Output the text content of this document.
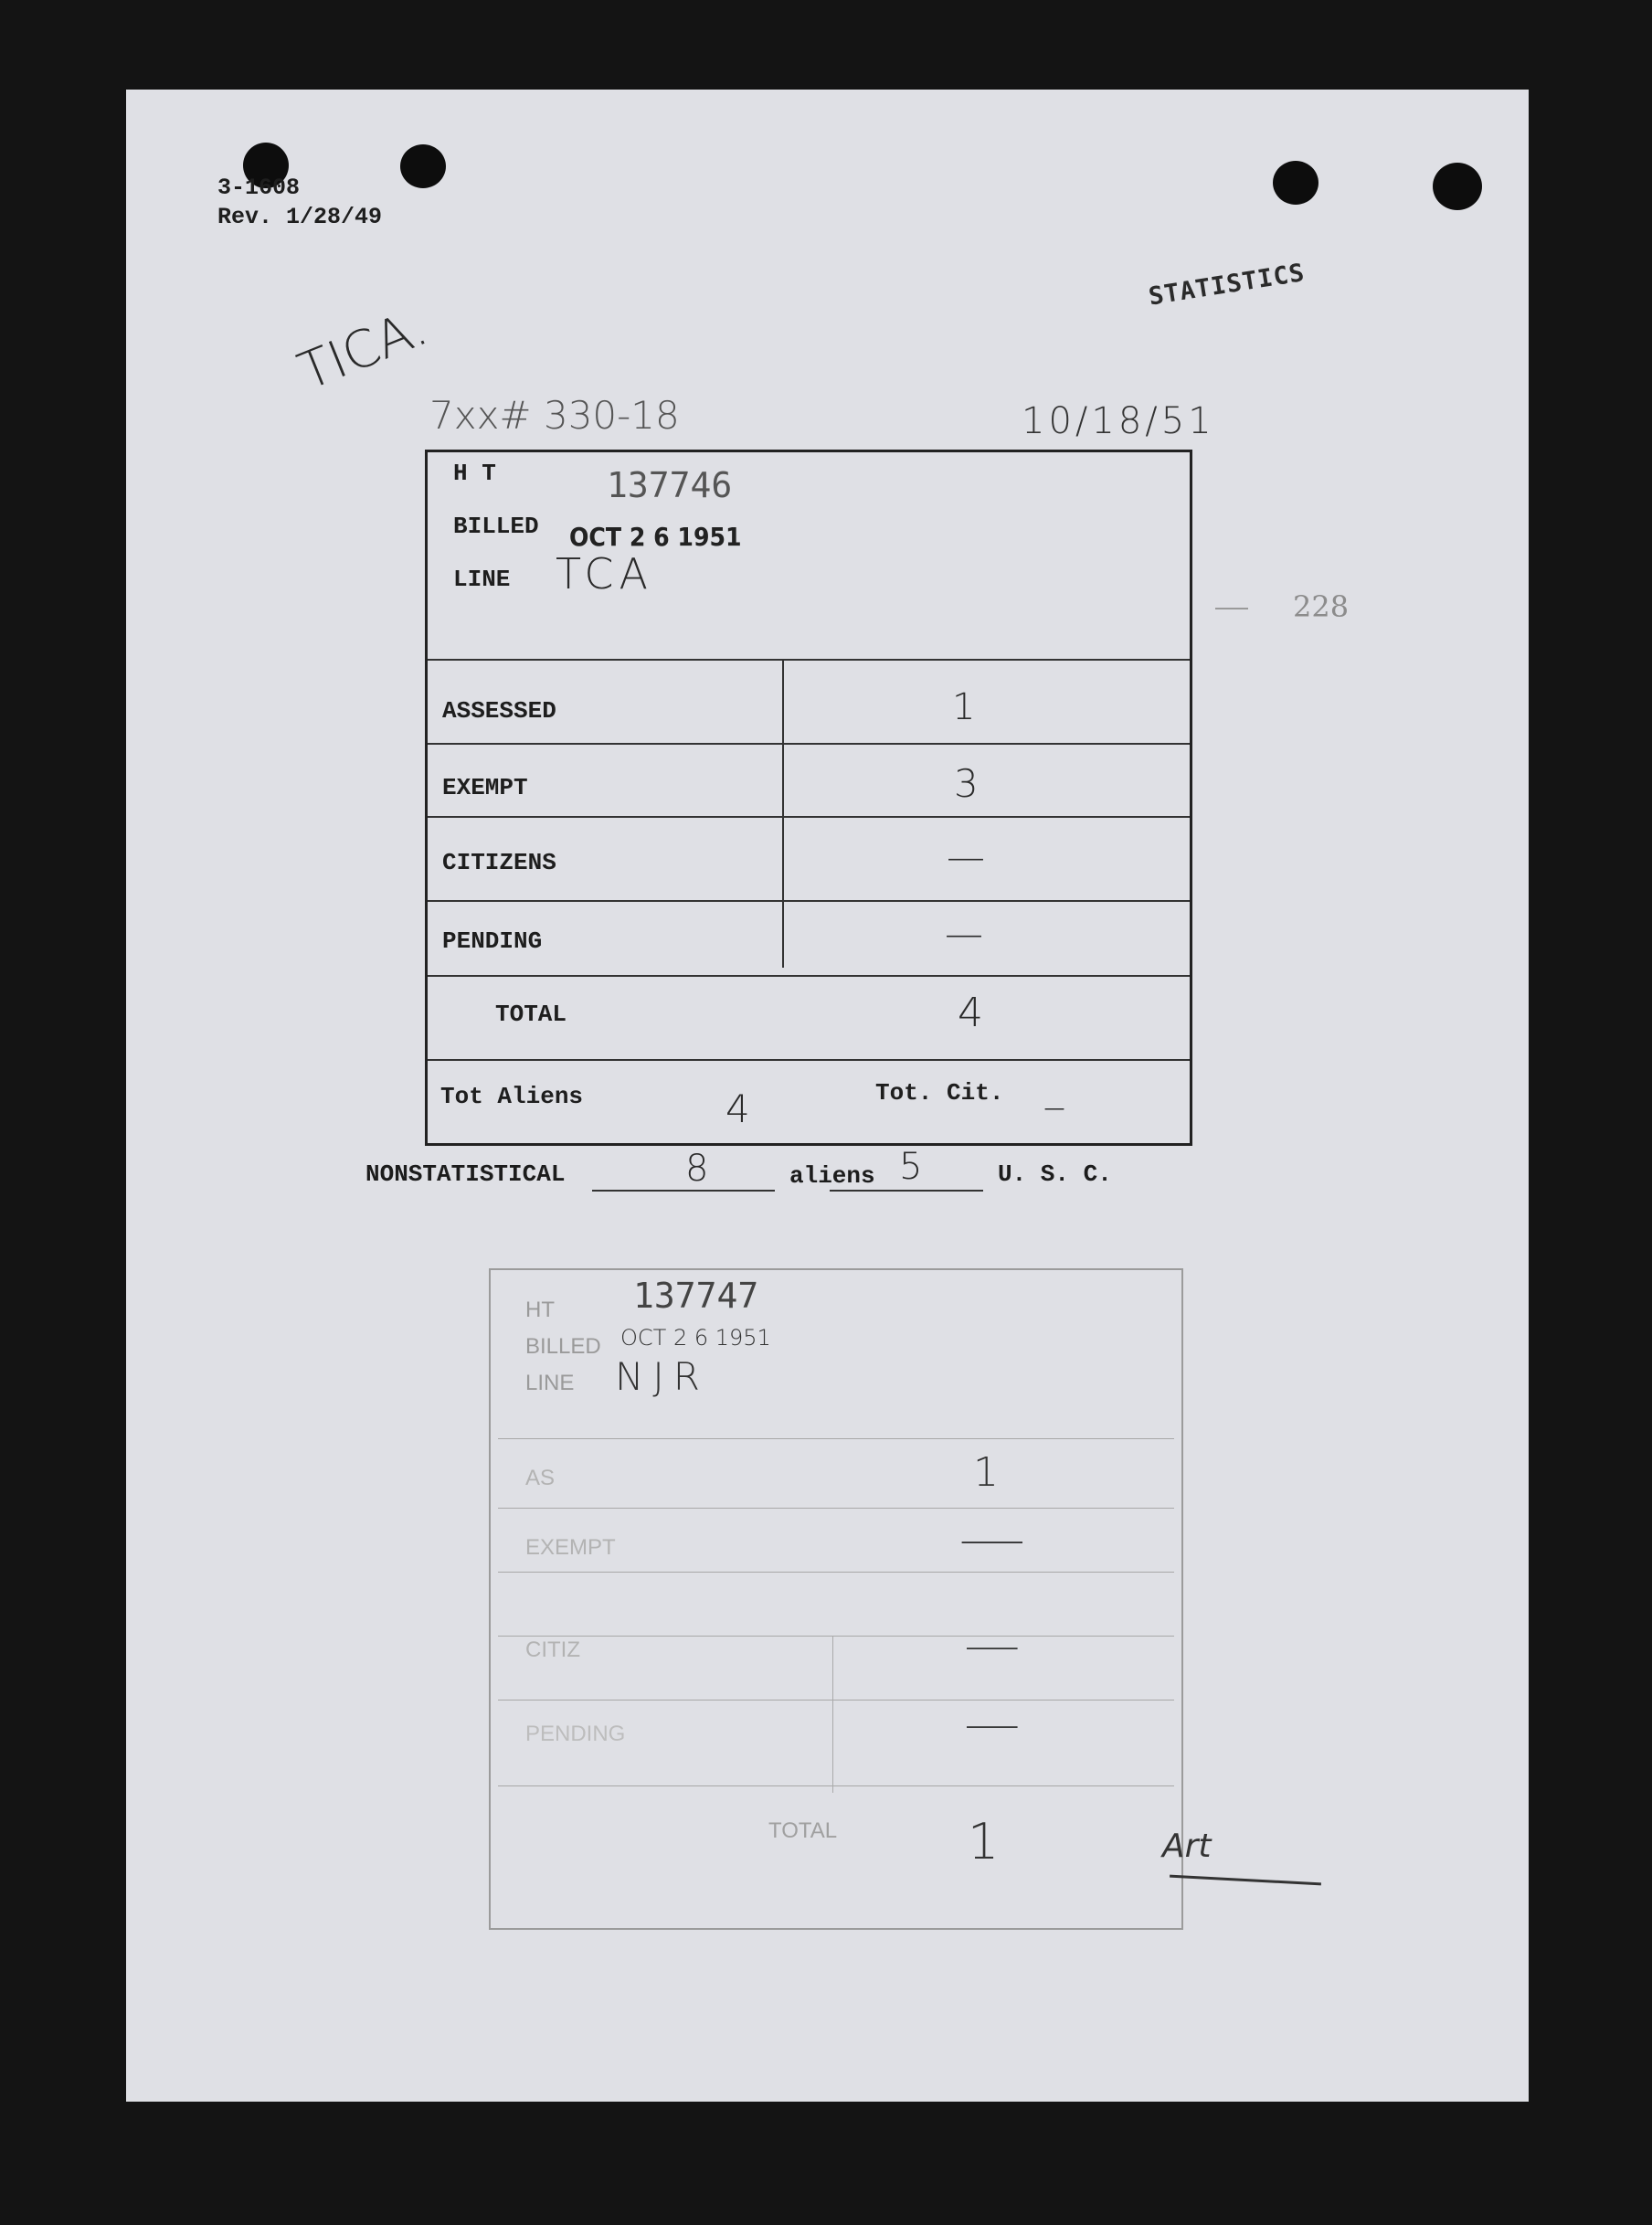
3-1608
Rev. 1/28/49
STATISTICS
TICA.
7xx# 330-18	10/18/51
228
H T	137746
BILLED OCT 2 6 1951
LINE TCA
ASSESSED	1
EXEMPT	3
CITIZENS	—
PENDING	—
TOTAL	4
Tot Aliens	4	Tot. Cit. _
NONSTATISTICAL	8	aliens 5	U. S. C.
HT 137747
BILLED OCT 2 6 1951
LINE NJR
AS	1
EXEMPT	—
CITIZ	—
PENDING	—
TOTAL	1	Art
